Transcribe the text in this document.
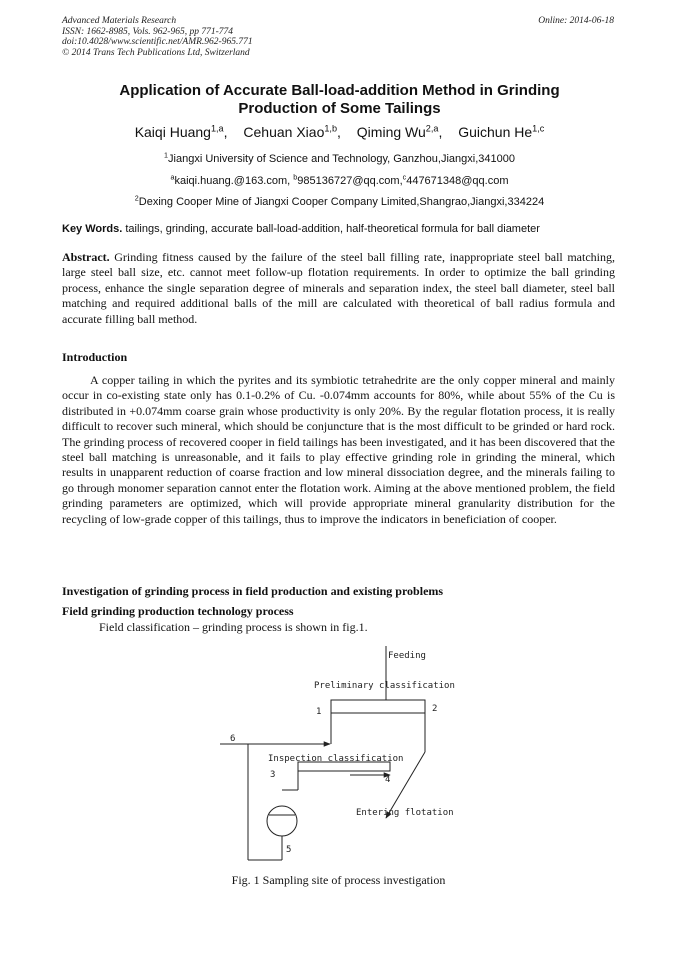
Advanced Materials Research
ISSN: 1662-8985, Vols. 962-965, pp 771-774
doi:10.4028/www.scientific.net/AMR.962-965.771
© 2014 Trans Tech Publications Ltd, Switzerland
Online: 2014-06-18
Application of Accurate Ball-load-addition Method in Grinding
Production of Some Tailings
Kaiqi Huang$^{1,a}$, Cehuan Xiao$^{1,b}$, Qiming Wu$^{2,a}$, Guichun He$^{1,c}$
$^1$Jiangxi University of Science and Technology, Ganzhou,Jiangxi,341000
$^a$kaiqi.huang.@163.com, $^b$985136727@qq.com,$^c$447671348@qq.com
$^2$Dexing Cooper Mine of Jiangxi Cooper Company Limited,Shangrao,Jiangxi,334224
Key Words. tailings, grinding, accurate ball-load-addition, half-theoretical formula for ball diameter
Abstract. Grinding fitness caused by the failure of the steel ball filling rate, inappropriate steel ball matching, large steel ball size, etc. cannot meet follow-up flotation requirements. In order to optimize the ball grinding process, enhance the single separation degree of minerals and separation index, the steel ball diameter, steel ball matching and required additional balls of the mill are calculated with theoretical of ball radius formula and accurate filling ball method.
Introduction
A copper tailing in which the pyrites and its symbiotic tetrahedrite are the only copper mineral and mainly occur in co-existing state only has 0.1-0.2% of Cu. -0.074mm accounts for 80%, while about 55% of the Cu is distributed in +0.074mm coarse grain whose productivity is only 20%. By the regular flotation process, it is really difficult to recover such mineral, which should be conjuncture that is the most difficult to be grinded or hard rock. The grinding process of recovered cooper in field tailings has been investigated, and it has been discovered that the steel ball matching is unreasonable, and it fails to play effective grinding role in grinding the mineral, which results in unapparent reduction of coarse fraction and low mineral dissociation degree, and the minerals failing to go through monomer separation cannot enter the flotation work. Aiming at the above mentioned problem, the field grinding parameters are optimized, which will provide appropriate mineral granularity distribution for the recycling of low-grade copper of this tailings, thus to improve the indicators in beneficiation of cooper.
Investigation of grinding process in field production and existing problems
Field grinding production technology process
Field classification – grinding process is shown in fig.1.
Feeding
Preliminary classification
Inspection classification
Entering flotation
1	2
3	4
5
6
Fig. 1 Sampling site of process investigation
